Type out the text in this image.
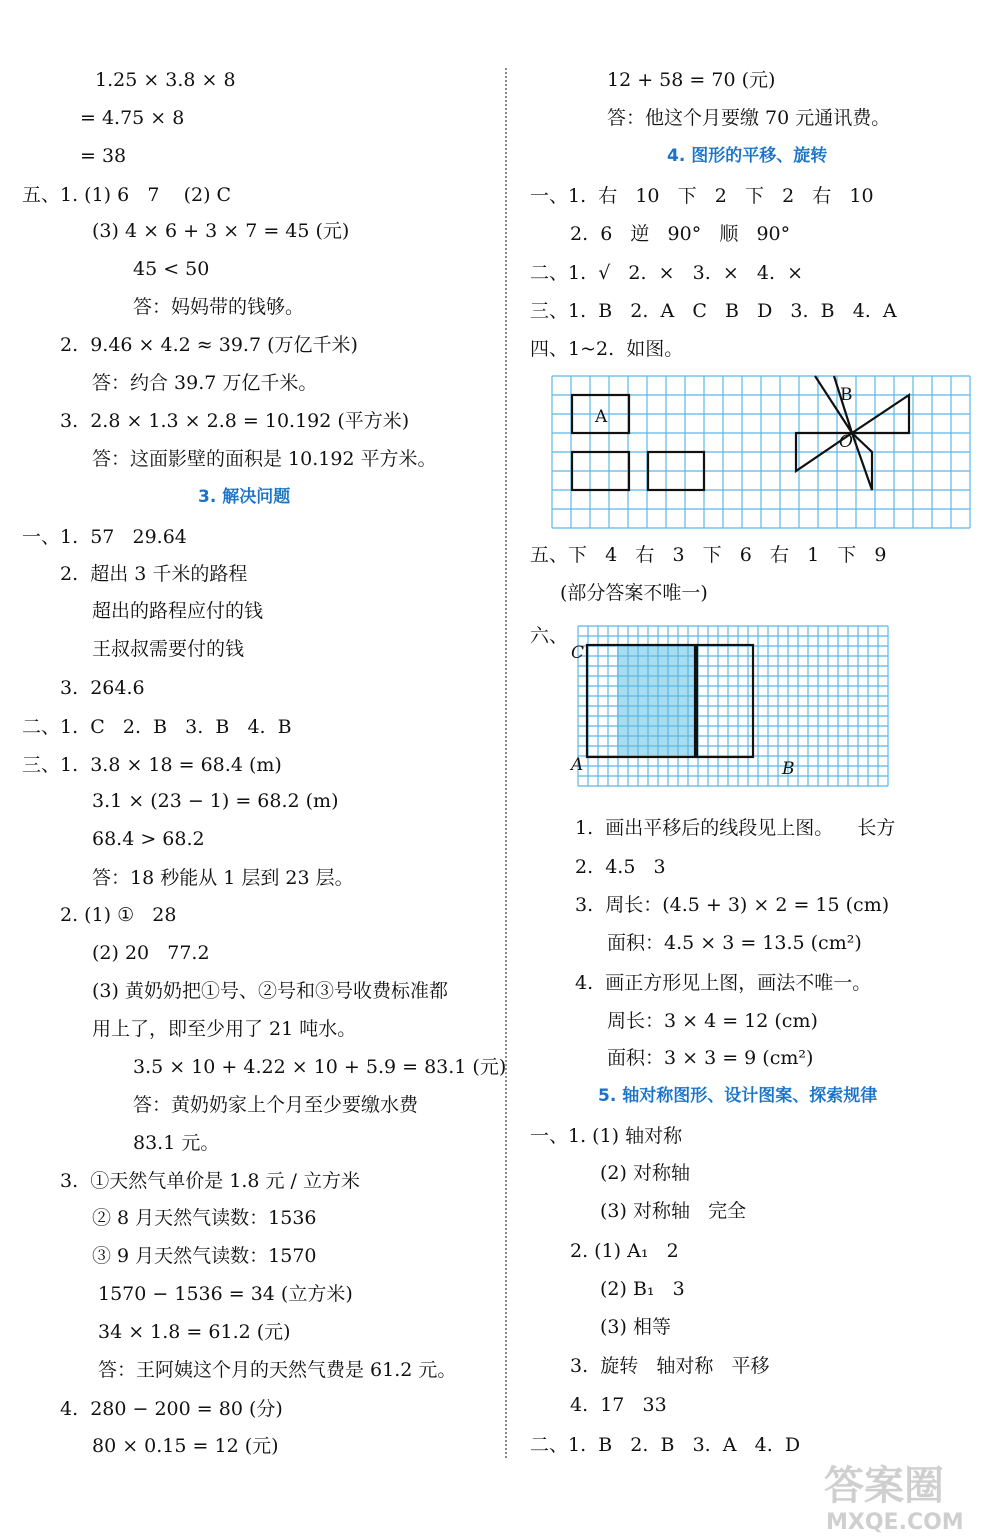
1.25 × 3.8 × 8
= 4.75 × 8
= 38
五、1. (1) 6   7    (2) C
(3) 4 × 6 + 3 × 7 = 45 (元)
45 < 50
答：妈妈带的钱够。
2.  9.46 × 4.2 ≈ 39.7 (万亿千米)
答：约合 39.7 万亿千米。
3.  2.8 × 1.3 × 2.8 = 10.192 (平方米)
答：这面影壁的面积是 10.192 平方米。
一、1.  57   29.64
2.  超出 3 千米的路程
超出的路程应付的钱
王叔叔需要付的钱
3.  264.6
二、1.  C   2.  B   3.  B   4.  B
三、1.  3.8 × 18 = 68.4 (m)
3.1 × (23 − 1) = 68.2 (m)
68.4 > 68.2
答：18 秒能从 1 层到 23 层。
2. (1) ①   28
(2) 20   77.2
(3) 黄奶奶把①号、②号和③号收费标准都
用上了，即至少用了 21 吨水。
3.5 × 10 + 4.22 × 10 + 5.9 = 83.1 (元)
答：黄奶奶家上个月至少要缴水费
83.1 元。
3.  ①天然气单价是 1.8 元 / 立方米
② 8 月天然气读数：1536
③ 9 月天然气读数：1570
1570 − 1536 = 34 (立方米)
34 × 1.8 = 61.2 (元)
答：王阿姨这个月的天然气费是 61.2 元。
4.  280 − 200 = 80 (分)
80 × 0.15 = 12 (元)
12 + 58 = 70 (元)
答：他这个月要缴 70 元通讯费。
一、1.  右   10   下   2   下   2   右   10
2.  6   逆   90°   顺   90°
二、1.  √   2.  ×   3.  ×   4.  ×
三、1.  B   2.  A   C   B   D   3.  B   4.  A
四、1~2.  如图。
五、下   4   右   3   下   6   右   1   下   9
(部分答案不唯一)
六、
1.  画出平移后的线段见上图。    长方
2.  4.5   3
3.  周长：(4.5 + 3) × 2 = 15 (cm)
面积：4.5 × 3 = 13.5 (cm²)
4.  画正方形见上图，画法不唯一。
周长：3 × 4 = 12 (cm)
面积：3 × 3 = 9 (cm²)
一、1. (1) 轴对称
(2) 对称轴
(3) 对称轴   完全
2. (1) A₁   2
(2) B₁   3
(3) 相等
3.  旋转   轴对称   平移
4.  17   33
二、1.  B   2.  B   3.  A   4.  D
3. 解决问题
4. 图形的平移、旋转
5. 轴对称图形、设计图案、探索规律
A
B
O
C
A	B
答案圈
MXQE.COM
